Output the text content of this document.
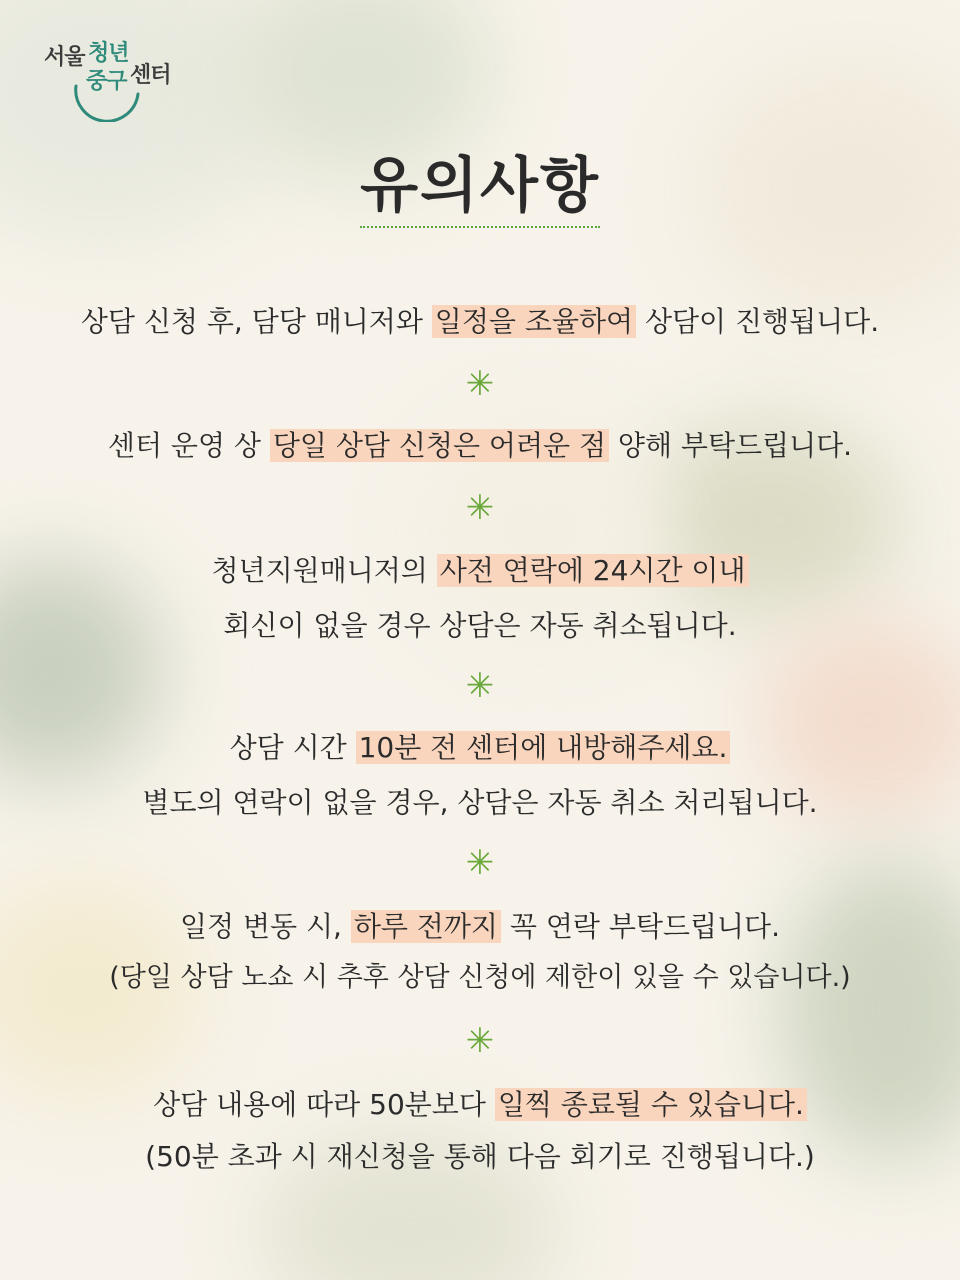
서울 청년
중구 센터
유의사항
상담 신청 후, 담당 매니저와 일정을 조율하여 상담이 진행됩니다.
✳
센터 운영 상 당일 상담 신청은 어려운 점 양해 부탁드립니다.
✳
청년지원매니저의 사전 연락에 24시간 이내
회신이 없을 경우 상담은 자동 취소됩니다.
✳
상담 시간 10분 전 센터에 내방해주세요.
별도의 연락이 없을 경우, 상담은 자동 취소 처리됩니다.
✳
일정 변동 시, 하루 전까지 꼭 연락 부탁드립니다.
(당일 상담 노쇼 시 추후 상담 신청에 제한이 있을 수 있습니다.)
✳
상담 내용에 따라 50분보다 일찍 종료될 수 있습니다.
(50분 초과 시 재신청을 통해 다음 회기로 진행됩니다.)
